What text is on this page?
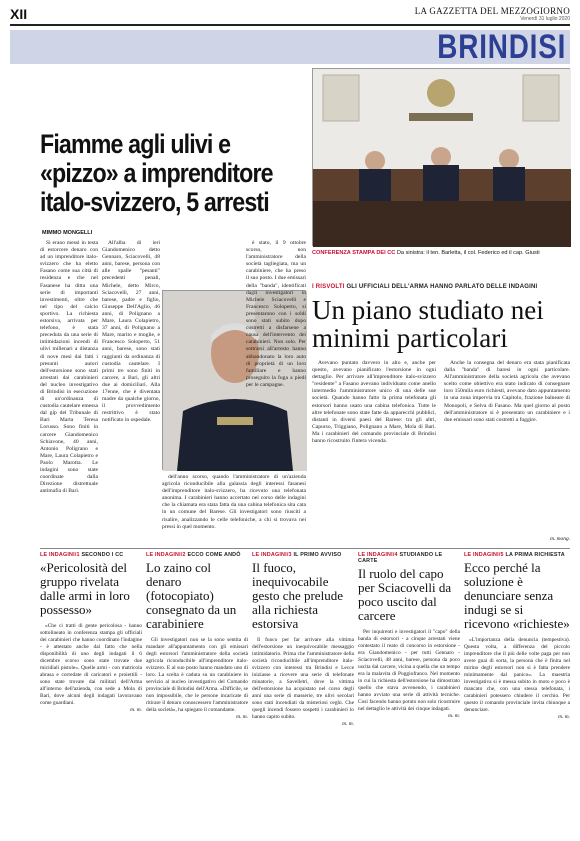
XII	LA GAZZETTA DEL MEZZOGIORNO
Venerdì 31 luglio 2020
BRINDISI
CONFERENZA STAMPA DEI CC Da sinistra: il ten. Barletta, il col. Federico ed il cap. Giusti
Fiamme agli ulivi e «pizzo» a imprenditore italo-svizzero, 5 arresti
MIMMO MONGELLI

Si erano messi in testa di estorcere denaro con ad un imprenditore italo-svizzero che ha eletto Fasano come sua città di residenza e che nel Fasanese ha ditta una serie di importanti investimenti, oltre che nel tipo del calcio sportivo. La richiesta estorsiva, arrivata per telefono, è stata preceduta da una serie di intimidazioni incendi di ulivi millenari a distanza di nove mesi dai fatti i presunti autori dell'estorsione sono stati arrestati dai carabinieri del nucleo investigativo di Brindisi in esecuzione di un'ordinanza di custodia cautelare emessa dal gip del Tribunale di Bari Marta Teresa Lorusso. Sono finiti in carcere Giandomenico Schiavone, 40 anni, Antonio Poligrano e Mare, Laura Colapietro e Paolo Marotta. Le indagini sono state coordinate dalla Direzione distrettuale antimafia di Bari.

All'alba di ieri Giandomenico detto Gennaro, Sciacovelli, 48 anni, barese, persona con alle spalle "pesanti" precedenti penali, Michele, detto Mirco, Sciacovelli, 27 anni, barese, padre e figlio, Giuseppe Dell'Aglio, 46 anni, di Polignano a Mare, Laura Colapietro, 37 anni, di Polignano a Mare, marito e moglie, e Francesco Soloperto, 51 anni, barese, sono stati raggiunti da ordinanza di custodia cautelare. I primi tre sono finiti in carcere, a Bari, gli altri due ai domiciliari. Alla 17enne, che è diventata madre da qualche giorno, il provvedimento restrittivo è stato notificato in ospedale.

dell'anno scorso, quando l'amministratore di un'azienda agricola riconducibile alla galassia degli interessi fasanesi dell'imprenditore italo-svizzero, ha ricevuto una telefonata anonima. I carabinieri hanno accertato nel corso delle indagini che la chiamata era stata fatta da una cabina telefonica sita cata in un comune del Barese. Gli investigatori sono riusciti a risalire, analizzando le celle telefoniche, a chi si trovava nei pressi in quel momento.

I RISVOLTI GLI UFFICIALI DELL'ARMA HANNO PARLATO DELLE INDAGINI
Un piano studiato nei minimi particolari

Avevano puntato davvero in alto e, anche per questo, avevano pianificato l'estorsione in ogni dettaglio. Per arrivare all'imprenditore italo-svizzero "residente" a Fasano avevano individuato come anello intermedio l'amministratore unico di una delle sue società. Quando hanno fatto la prima telefonata gli estorsori hanno usato una cabina telefonica. Tutte le altre telefonate sono state fatte da apparecchi pubblici, distanti in diversi paesi del Barese: tra gli altri, Capurso, Triggiano, Polignano a Mare, Mola di Bari. Ma i carabinieri del comando provinciale di Brindisi hanno ricostruito l'intera vicenda.

Anche la consegna del denaro era stata pianificata dalla "banda" di baresi in ogni particolare. All'amministratore della società agricola che avevano scelto come obiettivo era stato indicato di consegnare loro 150mila euro richiesti, avevano dato appuntamento in una zona impervia tra Capitolo, frazione balneare di Monopoli, e Selva di Fasano. Ma quel giorno al posto dell'amministratore si è presentato un carabiniere e i due emissari sono stati costretti a fuggire.

m. mong.
LE INDAGINI/1 SECONDO I CC
«Pericolosità del gruppo rivelata dalle armi in loro possesso»

«Che ci tratti di gente pericolosa - hanno sottolineato in conferenza stampa gli ufficiali dei carabinieri che hanno coordinato l'indagine - è attestato anche dal fatto che nella disponibilità di uno degli indagati il 6 dicembre scorso sono state trovate due micidiali pistole». Quelle armi - con matricola abrasa e corredate di caricatori e proiettili - sono state trovate dai militari dell'Arma all'interno dell'azienda, con sede a Mola di Bari, dove alcuni degli indagati lavoravano come guardiani.

m. m.
LE INDAGINI/2 ECCO COME ANDÒ
Lo zaino col denaro (fotocopiato) consegnato da un carabiniere

Gli investigatori non se la sono sentita di mandare all'appuntamento con gli emissari degli estorsori l'amministratore della società agricola riconducibile all'imprenditore italo-svizzero. E al suo posto hanno mandato uno di loro. La scelta è caduta su un carabiniere in servizio al nucleo investigativo del Comando provinciale di Brindisi dell'Arma. «Difficile, se non impossibile, che le persone incaricate di ritirare il denaro conoscessero l'amministratore della società», ha spiegato il comandante.

m. m.
LE INDAGINI/3 IL PRIMO AVVISO
Il fuoco, inequivocabile gesto che prelude alla richiesta estorsiva

Il fuoco per far arrivare alla vittima dell'estorsione un inequivocabile messaggio intimidatorio. Prima che l'amministratore della società riconducibile all'imprenditore italo-svizzero con interessi tra Brindisi e Lecce iniziasse a ricevere una serie di telefonate minatorie, a Savelletri, dove la vittima dell'estorsione ha acquistato nel corso degli anni una serie di masserie, tre ulivi secolari sono stati incendiati da misteriosi ceghi. Che quegli incendi fossero sospetti i carabinieri lo hanno capito subito.

m. m.
LE INDAGINI/4 STUDIANDO LE CARTE
Il ruolo del capo per Sciacovelli da poco uscito dal carcere

Per inquirenti e investigatori il "capo" della banda di estorsori - a cinque arrestati viene contestato il reato di concorso in estorsione - era Giandomenico - per tutti Gennaro - Sciacovelli, 48 anni, barese, persona da poco uscita dal carcere, vicina a quella che un tempo era la malavita di Poggiofranco. Nel momento in cui la richiesta dell'estorsione ha dimostrato quello che stava avvenendo, i carabinieri hanno avviato una serie di attività tecniche. Così facendo hanno potuto non solo ricostruire nel dettaglio le attività dei cinque indagati.

m. m.
LE INDAGINI/5 LA PRIMA RICHIESTA
Ecco perché la soluzione è denunciare senza indugi se si ricevono «richieste»

«L'importanza della denuncia (tempestiva). Questa volta, a differenza del piccolo imprenditore che il più delle volte paga per non avere guai di sorta, la persona che è finita nel mirino degli estorsori non si è fatta prendere minimamente dal panico». La maestria investigativa si è messa subito in moto e poco è mancato che, con una stessa telefonata, i carabinieri potessero chiudere il cerchio. Per questo il comando provinciale invita chiunque a denunciare.

m. m.

è stato, il 9 ottobre scorso, non l'amministratore della società tagliegiata, ma un carabiniere, che ha preso il suo posto. I due emissari della "banda", identificati dagli investigatori in Michele Sciacovelli e Francesco Soloperto, si presentarono con i soldi sono stati subito dopo costretti a disfarsene a causa dell'intervento dei carabinieri. Non solo. Per sottrarsi all'arresto hanno abbandonato la loro auto di proprietà di un loro familiare e hanno proseguito la fuga a piedi per le campagne.
